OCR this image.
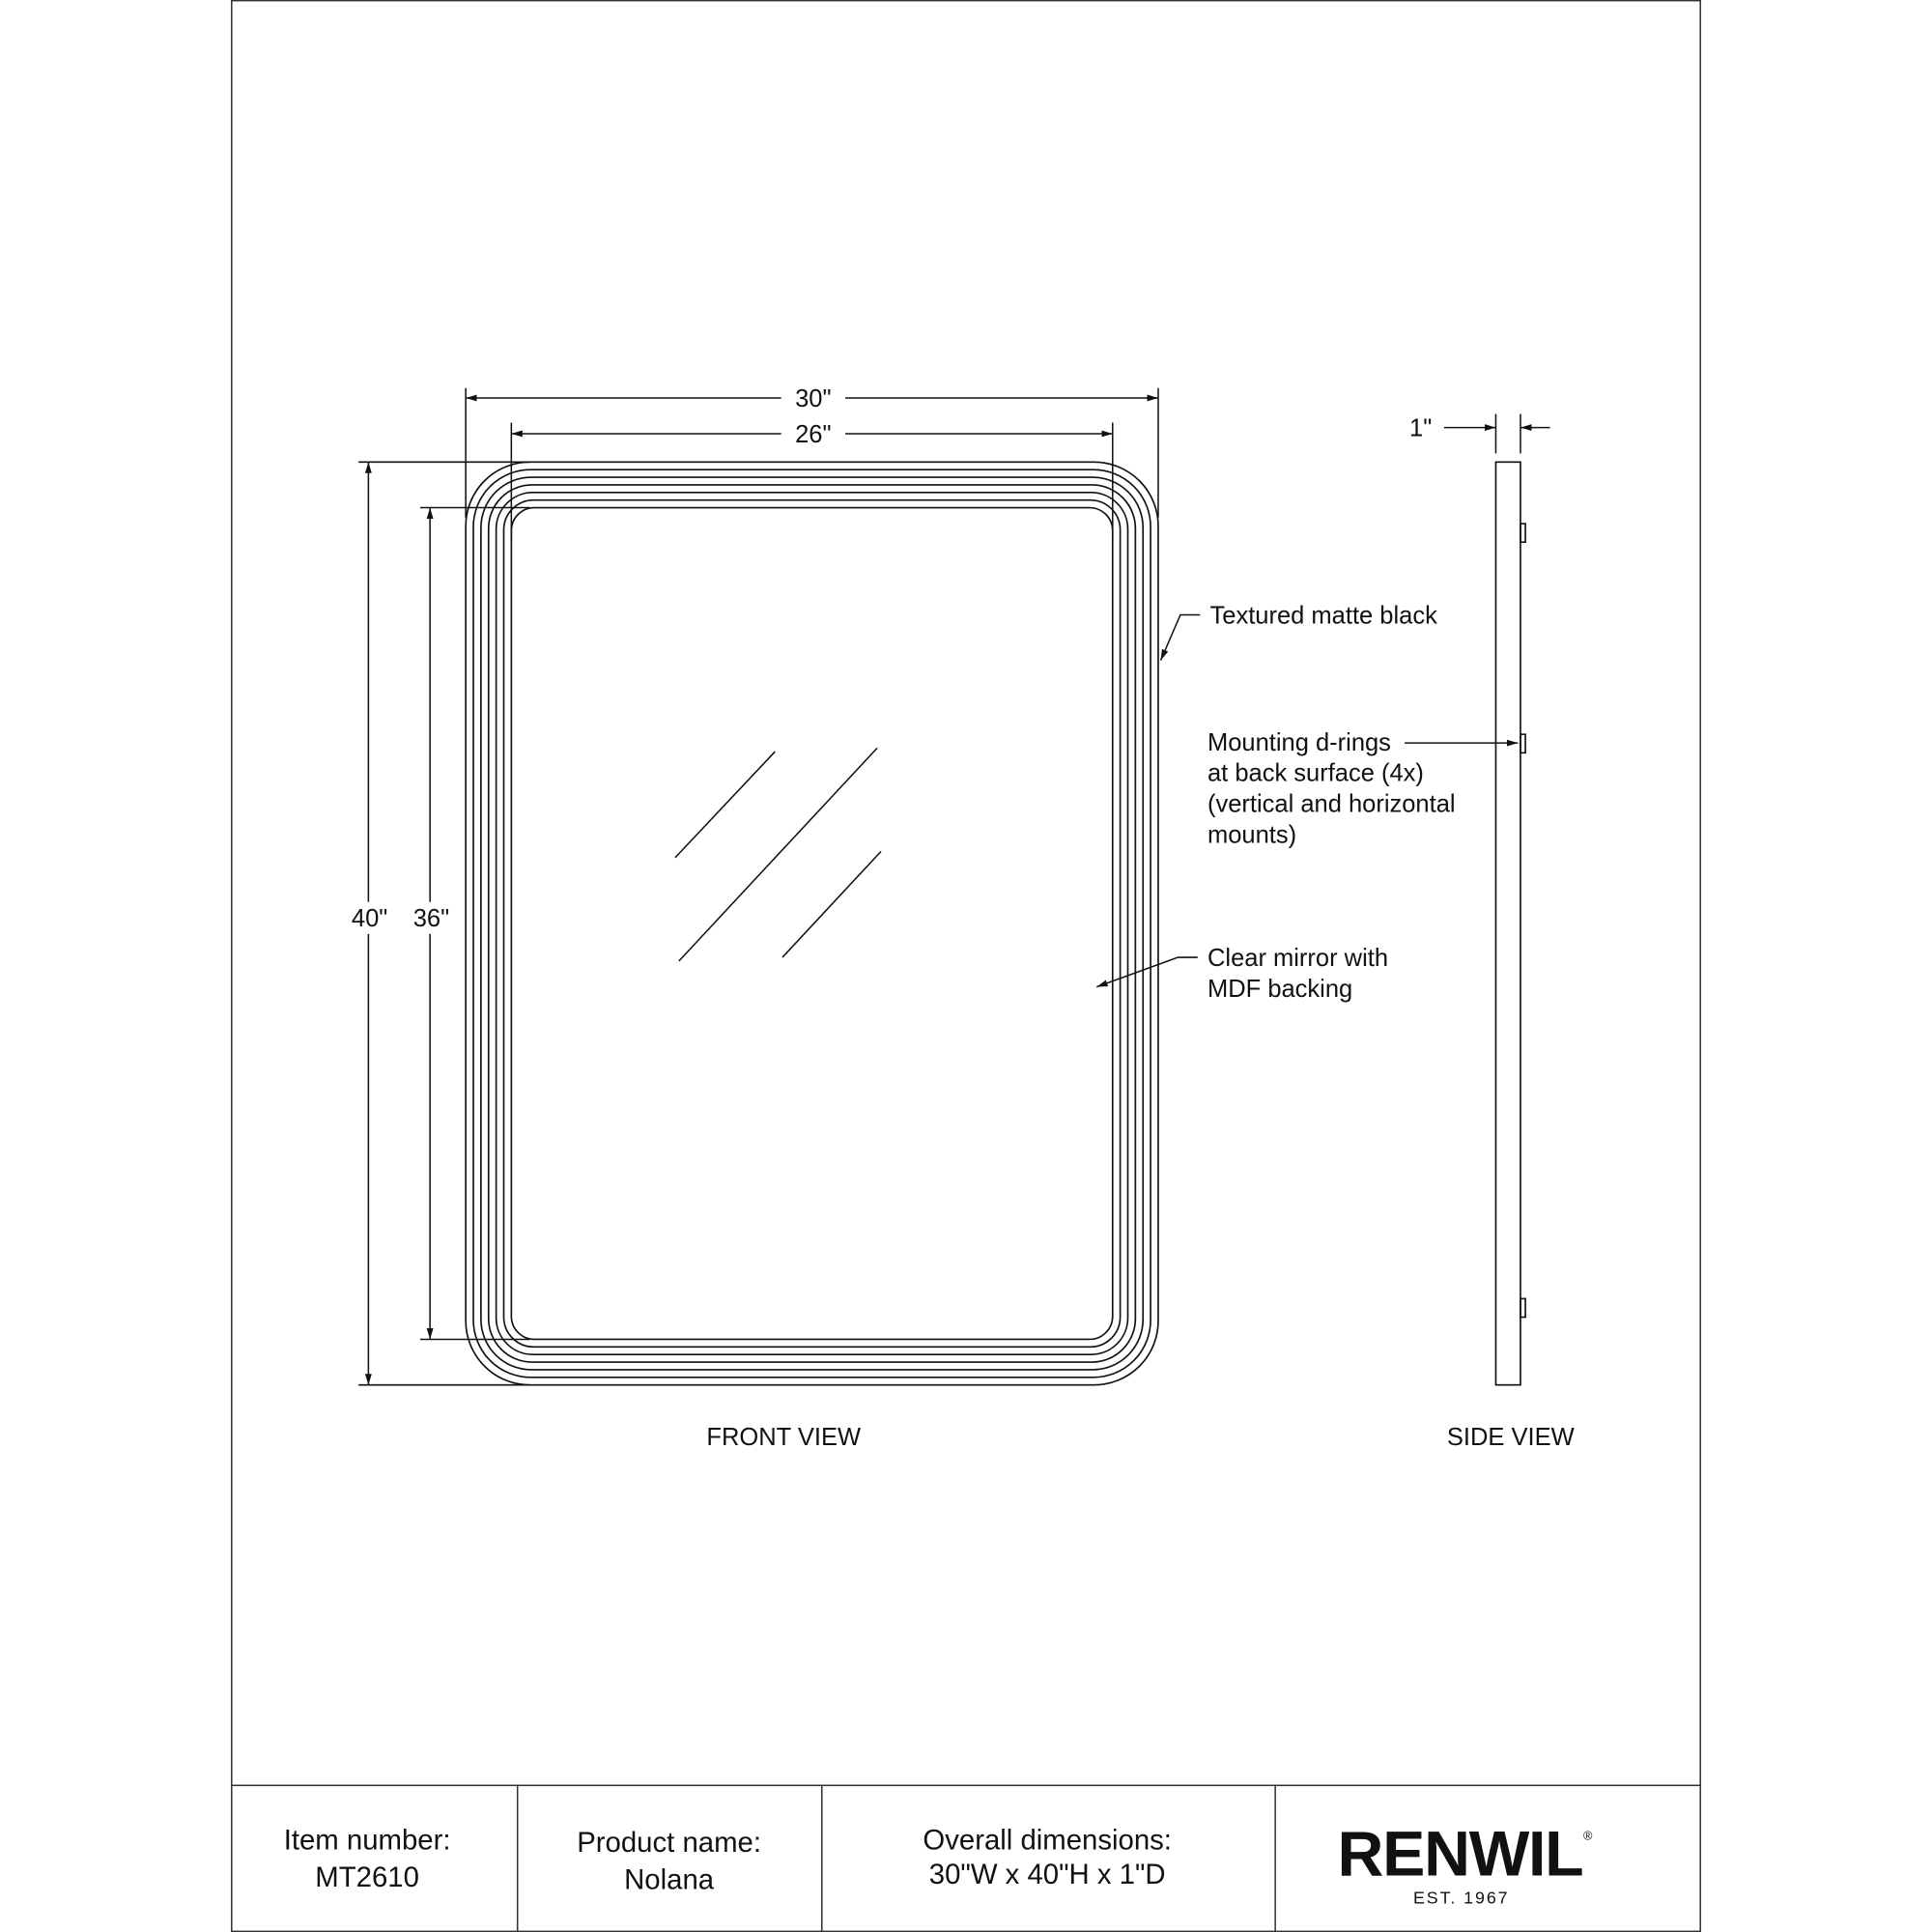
30"
26"
40" 36"
Textured matte black
Mounting d-rings
at back surface (4x)
(vertical and horizontal
mounts)
Clear mirror with
MDF backing
1"
FRONT VIEW	SIDE VIEW
Item number:
MT2610
Product name:
Nolana
Overall dimensions:
30"W x 40"H x 1"D	RENWIL ®
EST. 1967
